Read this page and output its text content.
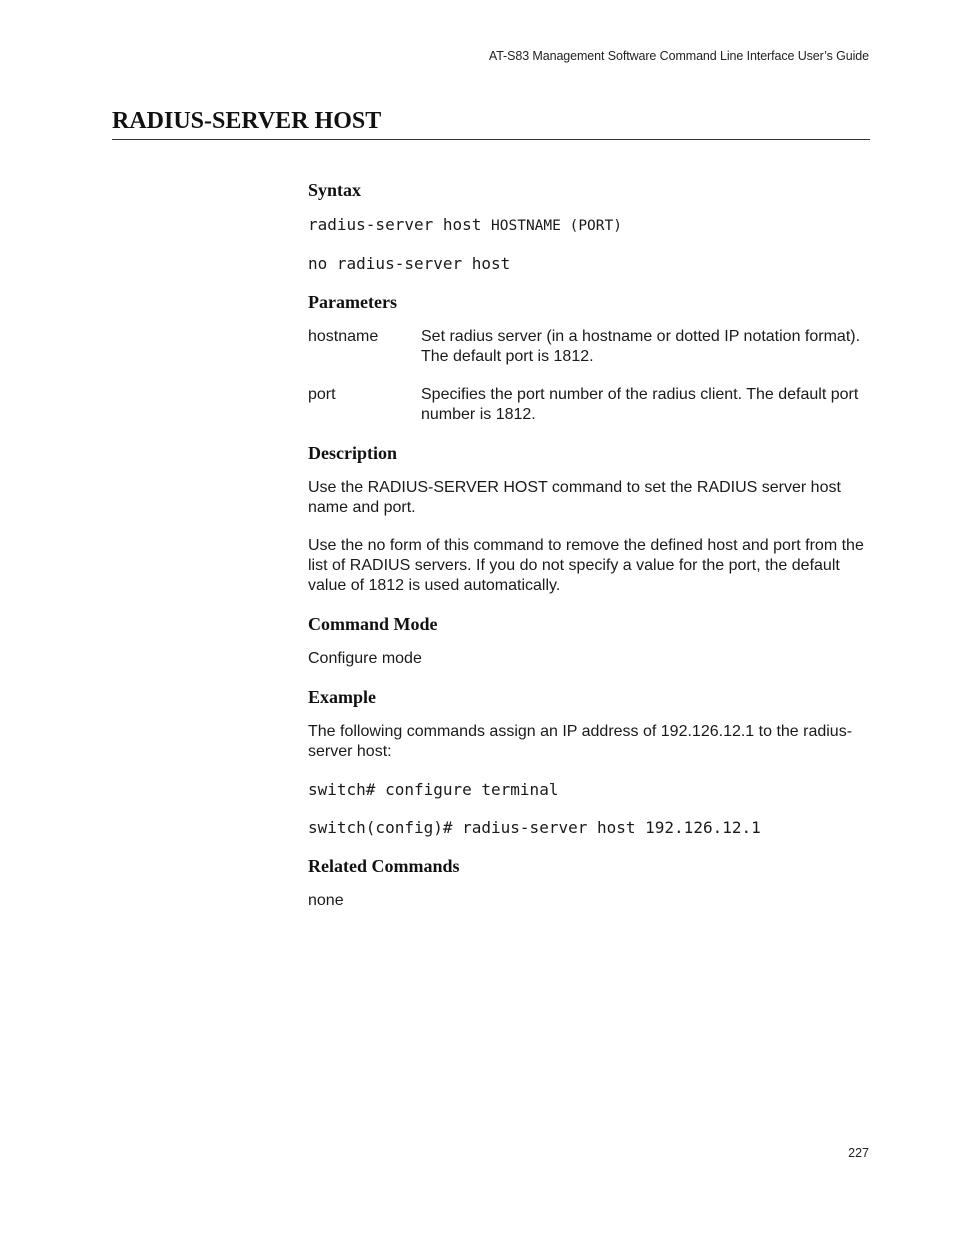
AT-S83 Management Software Command Line Interface User’s Guide
RADIUS-SERVER HOST
Syntax
radius-server host HOSTNAME (PORT)
no radius-server host
Parameters
hostname	Set radius server (in a hostname or dotted IP notation format). The default port is 1812.
port	Specifies the port number of the radius client. The default port number is 1812.
Description
Use the RADIUS-SERVER HOST command to set the RADIUS server host name and port.
Use the no form of this command to remove the defined host and port from the list of RADIUS servers. If you do not specify a value for the port, the default value of 1812 is used automatically.
Command Mode
Configure mode
Example
The following commands assign an IP address of 192.126.12.1 to the radius-server host:
switch# configure terminal
switch(config)# radius-server host 192.126.12.1
Related Commands
none
227
